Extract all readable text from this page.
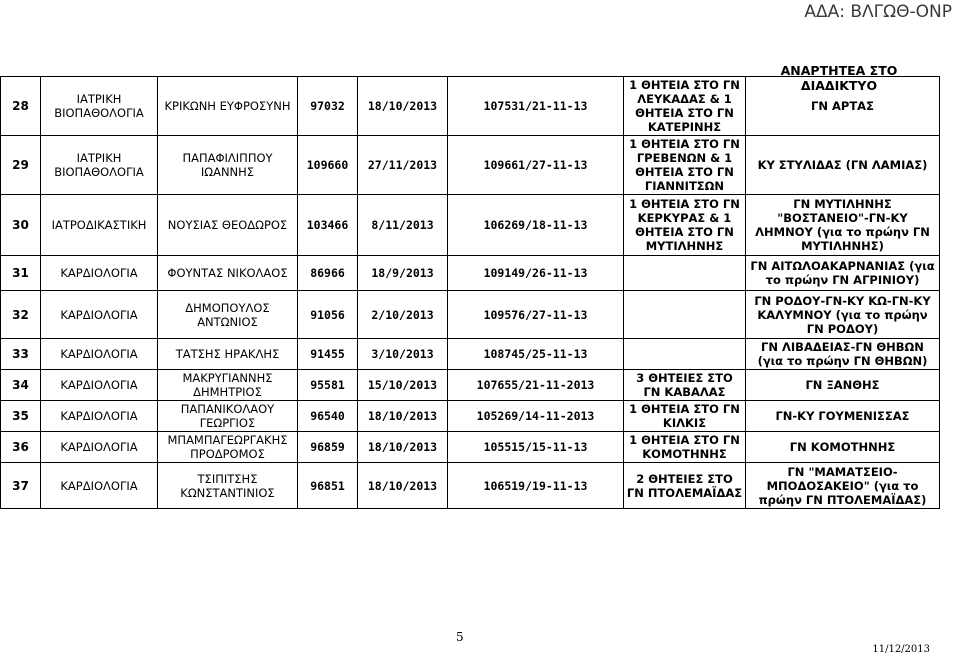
ΑΔΑ: ΒΛΓΩΘ-ΟΝΡ
ΑΝΑΡΤΗΤΕΑ ΣΤΟ ΔΙΑΔΙΚΤΥΟ
28	ΙΑΤΡΙΚΗ ΒΙΟΠΑΘΟΛΟΓΙΑ	ΚΡΙΚΩΝΗ ΕΥΦΡΟΣΥΝΗ	97032	18/10/2013	107531/21-11-13	1 ΘΗΤΕΙΑ ΣΤΟ ΓΝ ΛΕΥΚΑΔΑΣ & 1 ΘΗΤΕΙΑ ΣΤΟ ΓΝ ΚΑΤΕΡΙΝΗΣ	ΓΝ ΑΡΤΑΣ
29	ΙΑΤΡΙΚΗ ΒΙΟΠΑΘΟΛΟΓΙΑ	ΠΑΠΑΦΙΛΙΠΠΟΥ ΙΩΑΝΝΗΣ	109660	27/11/2013	109661/27-11-13	1 ΘΗΤΕΙΑ ΣΤΟ ΓΝ ΓΡΕΒΕΝΩΝ & 1 ΘΗΤΕΙΑ ΣΤΟ ΓΝ ΓΙΑΝΝΙΤΣΩΝ	ΚΥ ΣΤΥΛΙΔΑΣ (ΓΝ ΛΑΜΙΑΣ)
30	ΙΑΤΡΟΔΙΚΑΣΤΙΚΗ	ΝΟΥΣΙΑΣ ΘΕΟΔΩΡΟΣ	103466	8/11/2013	106269/18-11-13	1 ΘΗΤΕΙΑ ΣΤΟ ΓΝ ΚΕΡΚΥΡΑΣ & 1 ΘΗΤΕΙΑ ΣΤΟ ΓΝ ΜΥΤΙΛΗΝΗΣ	ΓΝ ΜΥΤΙΛΗΝΗΣ "ΒΟΣΤΑΝΕΙΟ"-ΓΝ-ΚΥ ΛΗΜΝΟΥ (για το πρώην ΓΝ ΜΥΤΙΛΗΝΗΣ)
31	ΚΑΡΔΙΟΛΟΓΙΑ	ΦΟΥΝΤΑΣ ΝΙΚΟΛΑΟΣ	86966	18/9/2013	109149/26-11-13		ΓΝ ΑΙΤΩΛΟΑΚΑΡΝΑΝΙΑΣ (για το πρώην ΓΝ ΑΓΡΙΝΙΟΥ)
32	ΚΑΡΔΙΟΛΟΓΙΑ	ΔΗΜΟΠΟΥΛΟΣ ΑΝΤΩΝΙΟΣ	91056	2/10/2013	109576/27-11-13		ΓΝ ΡΟΔΟΥ-ΓΝ-ΚΥ ΚΩ-ΓΝ-ΚΥ ΚΑΛΥΜΝΟΥ (για το πρώην ΓΝ ΡΟΔΟΥ)
33	ΚΑΡΔΙΟΛΟΓΙΑ	ΤΑΤΣΗΣ ΗΡΑΚΛΗΣ	91455	3/10/2013	108745/25-11-13		ΓΝ ΛΙΒΑΔΕΙΑΣ-ΓΝ ΘΗΒΩΝ (για το πρώην ΓΝ ΘΗΒΩΝ)
34	ΚΑΡΔΙΟΛΟΓΙΑ	ΜΑΚΡΥΓΙΑΝΝΗΣ ΔΗΜΗΤΡΙΟΣ	95581	15/10/2013	107655/21-11-2013	3 ΘΗΤΕΙΕΣ ΣΤΟ ΓΝ ΚΑΒΑΛΑΣ	ΓΝ ΞΑΝΘΗΣ
35	ΚΑΡΔΙΟΛΟΓΙΑ	ΠΑΠΑΝΙΚΟΛΑΟΥ ΓΕΩΡΓΙΟΣ	96540	18/10/2013	105269/14-11-2013	1 ΘΗΤΕΙΑ ΣΤΟ ΓΝ ΚΙΛΚΙΣ	ΓΝ-ΚΥ ΓΟΥΜΕΝΙΣΣΑΣ
36	ΚΑΡΔΙΟΛΟΓΙΑ	ΜΠΑΜΠΑΓΕΩΡΓΑΚΗΣ ΠΡΟΔΡΟΜΟΣ	96859	18/10/2013	105515/15-11-13	1 ΘΗΤΕΙΑ ΣΤΟ ΓΝ ΚΟΜΟΤΗΝΗΣ	ΓΝ ΚΟΜΟΤΗΝΗΣ
37	ΚΑΡΔΙΟΛΟΓΙΑ	ΤΣΙΠΙΤΣΗΣ ΚΩΝΣΤΑΝΤΙΝΙΟΣ	96851	18/10/2013	106519/19-11-13	2 ΘΗΤΕΙΕΣ ΣΤΟ ΓΝ ΠΤΟΛΕΜΑΪΔΑΣ	ΓΝ "ΜΑΜΑΤΣΕΙΟ-ΜΠΟΔΟΣΑΚΕΙΟ" (για το πρώην ΓΝ ΠΤΟΛΕΜΑΪΔΑΣ)
5
11/12/2013
